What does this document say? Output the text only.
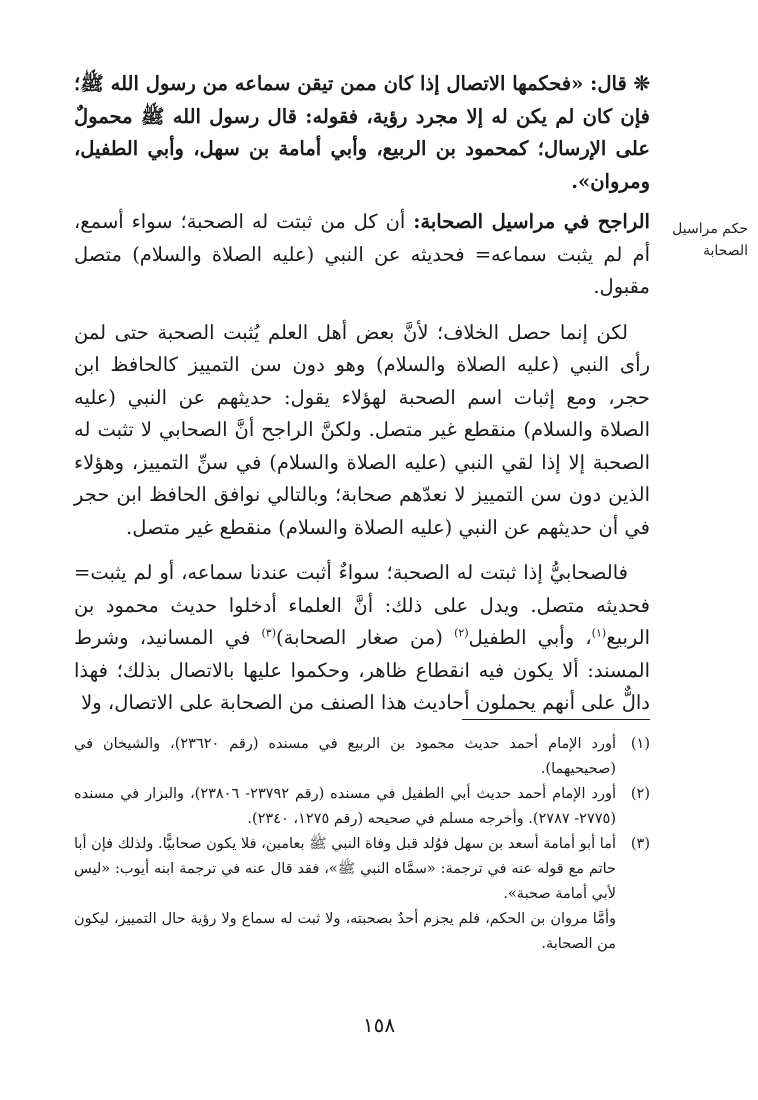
حكم مراسيل الصحابة

❊ قال: «فحكمها الاتصال إذا كان ممن تيقن سماعه من رسول الله ﷺ؛ فإن كان لم يكن له إلا مجرد رؤية، فقوله: قال رسول الله ﷺ محمولٌ على الإرسال؛ كمحمود بن الربيع، وأبي أمامة بن سهل، وأبي الطفيل، ومروان».

الراجح في مراسيل الصحابة: أن كل من ثبتت له الصحبة؛ سواء أسمع، أم لم يثبت سماعه= فحديثه عن النبي (عليه الصلاة والسلام) متصل مقبول.

لكن إنما حصل الخلاف؛ لأنَّ بعض أهل العلم يُثبت الصحبة حتى لمن رأى النبي (عليه الصلاة والسلام) وهو دون سن التمييز كالحافظ ابن حجر، ومع إثبات اسم الصحبة لهؤلاء يقول: حديثهم عن النبي (عليه الصلاة والسلام) منقطع غير متصل. ولكنَّ الراجح أنَّ الصحابي لا تثبت له الصحبة إلا إذا لقي النبي (عليه الصلاة والسلام) في سنِّ التمييز، وهؤلاء الذين دون سن التمييز لا نعدّهم صحابة؛ وبالتالي نوافق الحافظ ابن حجر في أن حديثهم عن النبي (عليه الصلاة والسلام) منقطع غير متصل.

فالصحابيُّ إذا ثبتت له الصحبة؛ سواءٌ أثبت عندنا سماعه، أو لم يثبت= فحديثه متصل. ويدل على ذلك: أنَّ العلماء أدخلوا حديث محمود بن الربيع$^{(١)}$، وأبي الطفيل$^{(٢)}$ (من صغار الصحابة)$^{(٣)}$ في المسانيد، وشرط المسند: ألا يكون فيه انقطاع ظاهر، وحكموا عليها بالاتصال بذلك؛ فهذا دالٌّ على أنهم يحملون أحاديث هذا الصنف من الصحابة على الاتصال، ولا

(١)

أورد الإمام أحمد حديث محمود بن الربيع في مسنده (رقم ٢٣٦٢٠)، والشيخان في (صحيحيهما).

(٢)

أورد الإمام أحمد حديث أبي الطفيل في مسنده (رقم ٢٣٧٩٢- ٢٣٨٠٦)، والبزار في مسنده (٢٧٧٥- ٢٧٨٧). وأخرجه مسلم في صحيحه (رقم ١٢٧٥، ٢٣٤٠).

(٣)

أما أبو أمامة أسعد بن سهل فوُلد قبل وفاة النبي ﷺ بعامين، فلا يكون صحابيًّا. ولذلك فإن أبا حاتم مع قوله عنه في ترجمة: «سمَّاه النبي ﷺ»، فقد قال عنه في ترجمة ابنه أيوب: «ليس لأبي أمامة صحبة».

وأمَّا مروان بن الحكم، فلم يجزم أحدٌ بصحبته، ولا ثبت له سماع ولا رؤية حال التمييز، ليكون من الصحابة.

١٥٨
